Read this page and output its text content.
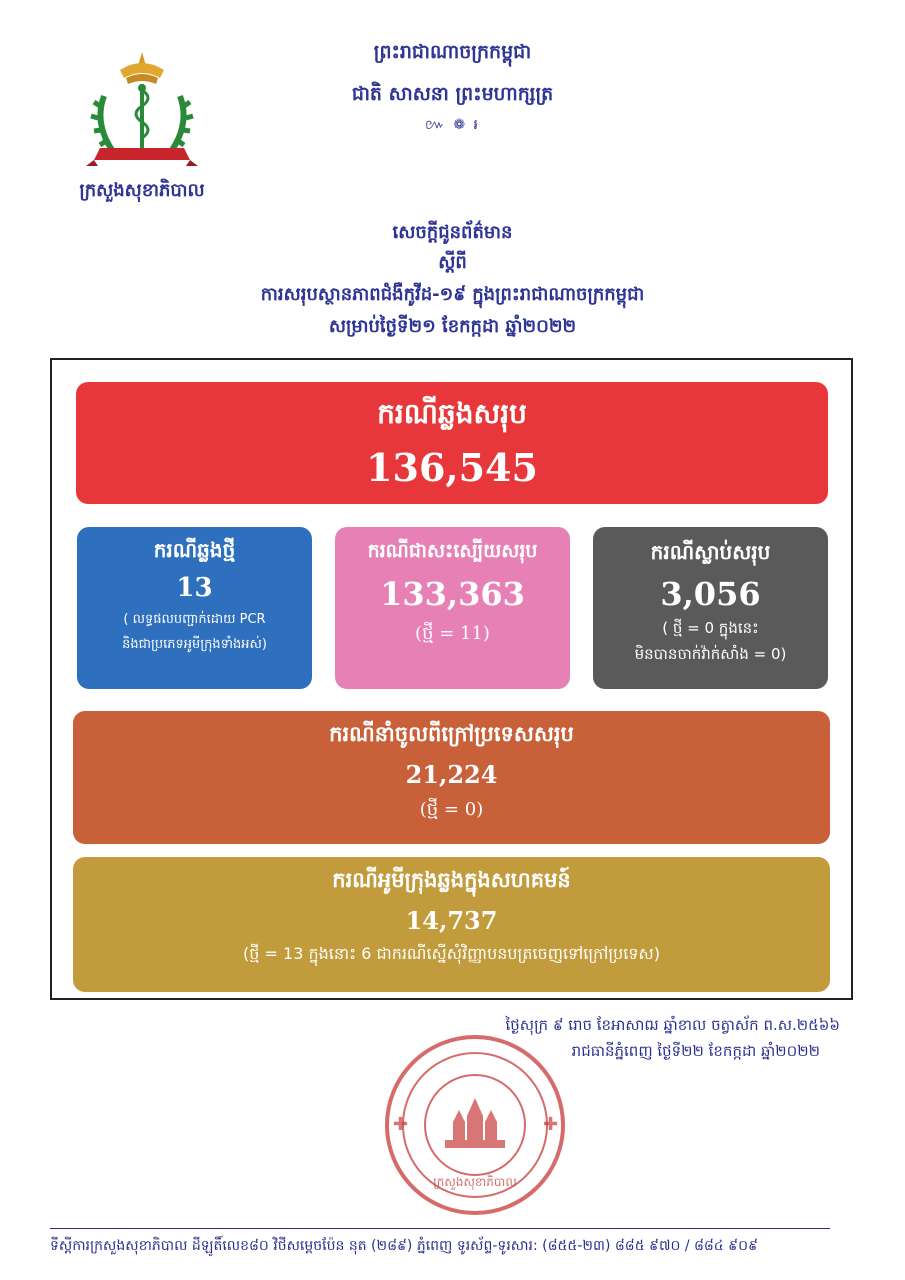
ក្រសួងសុខាភិបាល
ព្រះរាជាណាចក្រកម្ពុជា
ជាតិ សាសនា ព្រះមហាក្សត្រ
៚ ❁ ៛
សេចក្ដីជូនព័ត៌មាន
ស្ដីពី
ការសរុបស្ថានភាពជំងឺកូវីដ-១៩ ក្នុងព្រះរាជាណាចក្រកម្ពុជា
សម្រាប់ថ្ងៃទី២១ ខែកក្កដា ឆ្នាំ២០២២
ករណីឆ្លងសរុប
136,545
ករណីឆ្លងថ្មី
13
( លទ្ធផលបញ្ជាក់ដោយ PCR
និងជាប្រភេទអូមីក្រុងទាំងអស់)
ករណីជាសះស្បើយសរុប
133,363
(ថ្មី = 11)
ករណីស្លាប់សរុប
3,056
( ថ្មី = 0 ក្នុងនេះ
មិនបានចាក់វ៉ាក់សាំង = 0)
ករណីនាំចូលពីក្រៅប្រទេសសរុប
21,224
(ថ្មី = 0)
ករណីអូមីក្រុងឆ្លងក្នុងសហគមន៍
14,737
(ថ្មី = 13 ក្នុងនោះ 6 ជាករណីស្នើសុំវិញ្ញាបនបត្រចេញទៅក្រៅប្រទេស)
ថ្ងៃសុក្រ ៩ រោច ខែអាសាឍ ឆ្នាំខាល ចត្វាស័ក ព.ស.២៥៦៦
រាជធានីភ្នំពេញ ថ្ងៃទី២២ ខែកក្កដា ឆ្នាំ២០២២
✚	✚
ក្រសួងសុខាភិបាល
ទីស្ដីការក្រសួងសុខាភិបាល ដីឡូតិ៍លេខ៨០ វិថីសម្ដេចប៉ែន នុត (២៨៩) ភ្នំពេញ ទូរស័ព្ទ-ទូរសារ: (៨៥៥-២៣) ៨៨៥ ៩៧០ / ៨៨៤ ៩០៩
